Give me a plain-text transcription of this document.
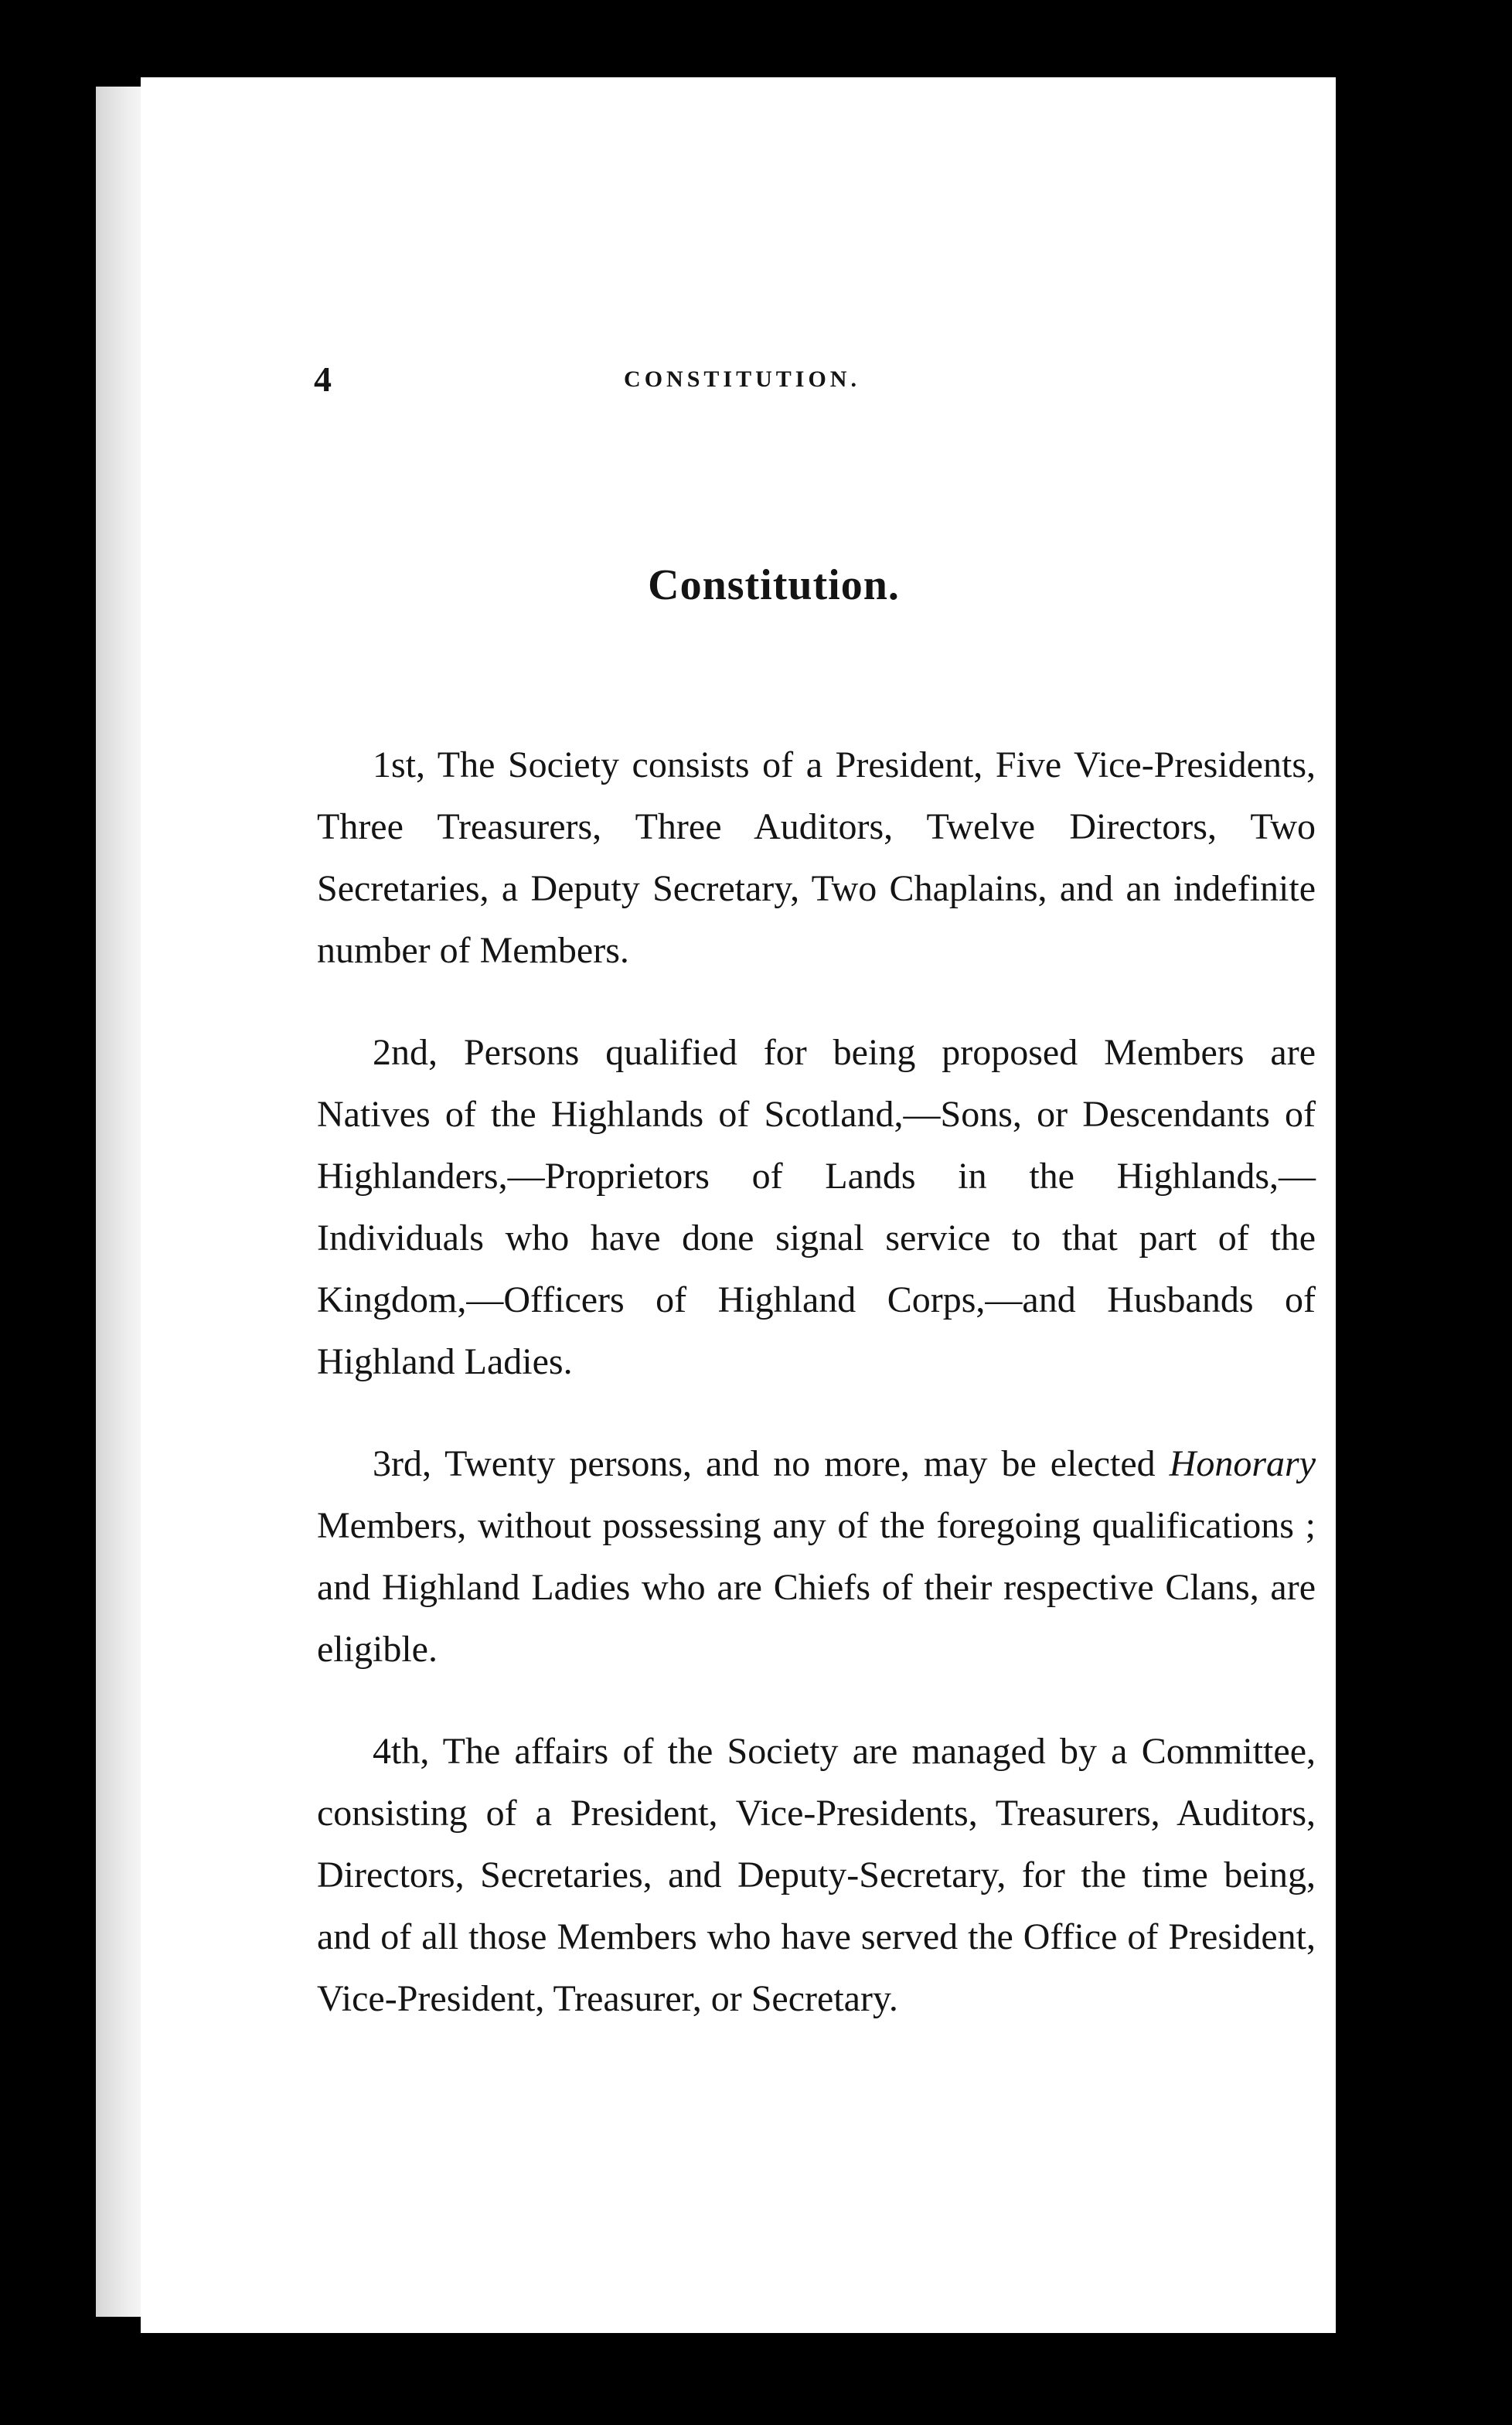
4	CONSTITUTION.
Constitution.

1st, The Society consists of a President, Five Vice-Presidents, Three Treasurers, Three Auditors, Twelve Directors, Two Secretaries, a Deputy Secretary, Two Chaplains, and an indefinite number of Members.

2nd, Persons qualified for being proposed Members are Natives of the Highlands of Scotland,—Sons, or Descendants of Highlanders,—Proprietors of Lands in the Highlands,—Individuals who have done signal service to that part of the Kingdom,—Officers of Highland Corps,—and Husbands of Highland Ladies.

3rd, Twenty persons, and no more, may be elected Honorary Members, without possessing any of the foregoing qualifications ; and Highland Ladies who are Chiefs of their respective Clans, are eligible.

4th, The affairs of the Society are managed by a Committee, consisting of a President, Vice-Presidents, Treasurers, Auditors, Directors, Secretaries, and Deputy-Secretary, for the time being, and of all those Members who have served the Office of President, Vice-President, Treasurer, or Secretary.
